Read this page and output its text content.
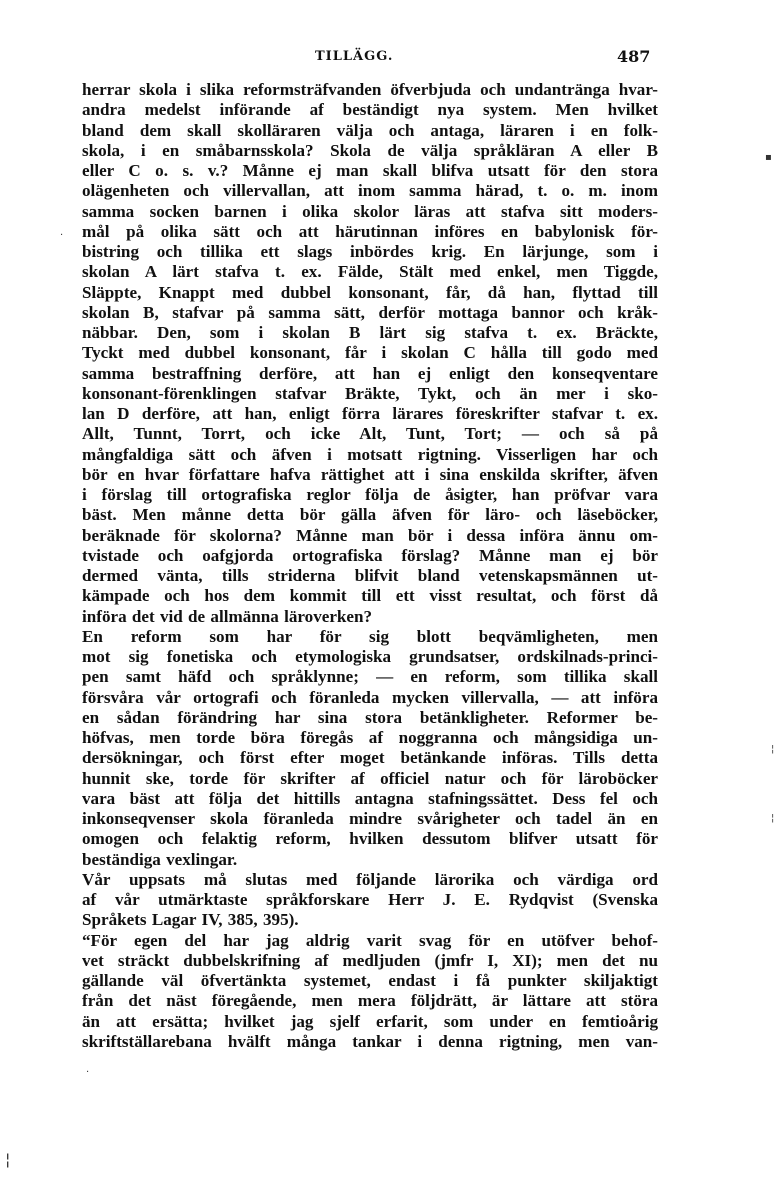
TILLÄGG.	487
herrar skola i slika reformsträfvanden öfverbjuda och undantränga hvar-
andra medelst införande af beständigt nya system. Men hvilket
bland dem skall skolläraren välja och antaga, läraren i en folk-
skola, i en småbarnsskola? Skola de välja språkläran A eller B
eller C o. s. v.? Månne ej man skall blifva utsatt för den stora
olägenheten och villervallan, att inom samma härad, t. o. m. inom
samma socken barnen i olika skolor läras att stafva sitt moders-
mål på olika sätt och att härutinnan införes en babylonisk för-
bistring och tillika ett slags inbördes krig. En lärjunge, som i
skolan A lärt stafva t. ex. Fälde, Stält med enkel, men Tiggde,
Släppte, Knappt med dubbel konsonant, får, då han, flyttad till
skolan B, stafvar på samma sätt, derför mottaga bannor och kråk-
näbbar. Den, som i skolan B lärt sig stafva t. ex. Bräckte,
Tyckt med dubbel konsonant, får i skolan C hålla till godo med
samma bestraffning derföre, att han ej enligt den konseqventare
konsonant-förenklingen stafvar Bräkte, Tykt, och än mer i sko-
lan D derföre, att han, enligt förra lärares föreskrifter stafvar t. ex.
Allt, Tunnt, Torrt, och icke Alt, Tunt, Tort; — och så på
mångfaldiga sätt och äfven i motsatt rigtning. Visserligen har och
bör en hvar författare hafva rättighet att i sina enskilda skrifter, äfven
i förslag till ortografiska reglor följa de åsigter, han pröfvar vara
bäst. Men månne detta bör gälla äfven för läro- och läseböcker,
beräknade för skolorna? Månne man bör i dessa införa ännu om-
tvistade och oafgjorda ortografiska förslag? Månne man ej bör
dermed vänta, tills striderna blifvit bland vetenskapsmännen ut-
kämpade och hos dem kommit till ett visst resultat, och först då
införa det vid de allmänna läroverken?
En reform som har för sig blott beqvämligheten, men
mot sig fonetiska och etymologiska grundsatser, ordskilnads-princi-
pen samt häfd och språklynne; — en reform, som tillika skall
försvåra vår ortografi och föranleda mycken villervalla, — att införa
en sådan förändring har sina stora betänkligheter. Reformer be-
höfvas, men torde böra föregås af noggranna och mångsidiga un-
dersökningar, och först efter moget betänkande införas. Tills detta
hunnit ske, torde för skrifter af officiel natur och för läroböcker
vara bäst att följa det hittills antagna stafningssättet. Dess fel och
inkonseqvenser skola föranleda mindre svårigheter och tadel än en
omogen och felaktig reform, hvilken dessutom blifver utsatt för
beständiga vexlingar.
Vår uppsats må slutas med följande lärorika och värdiga ord
af vår utmärktaste språkforskare Herr J. E. Rydqvist (Svenska
Språkets Lagar IV, 385, 395).
“För egen del har jag aldrig varit svag för en utöfver behof-
vet sträckt dubbelskrifning af medljuden (jmfr I, XI); men det nu
gällande väl öfvertänkta systemet, endast i få punkter skiljaktigt
från det näst föregående, men mera följdrätt, är lättare att störa
än att ersätta; hvilket jag sjelf erfarit, som under en femtioårig
skriftställarebana hvälft många tankar i denna rigtning, men van-
▪
·
¦
¦
·
¦
